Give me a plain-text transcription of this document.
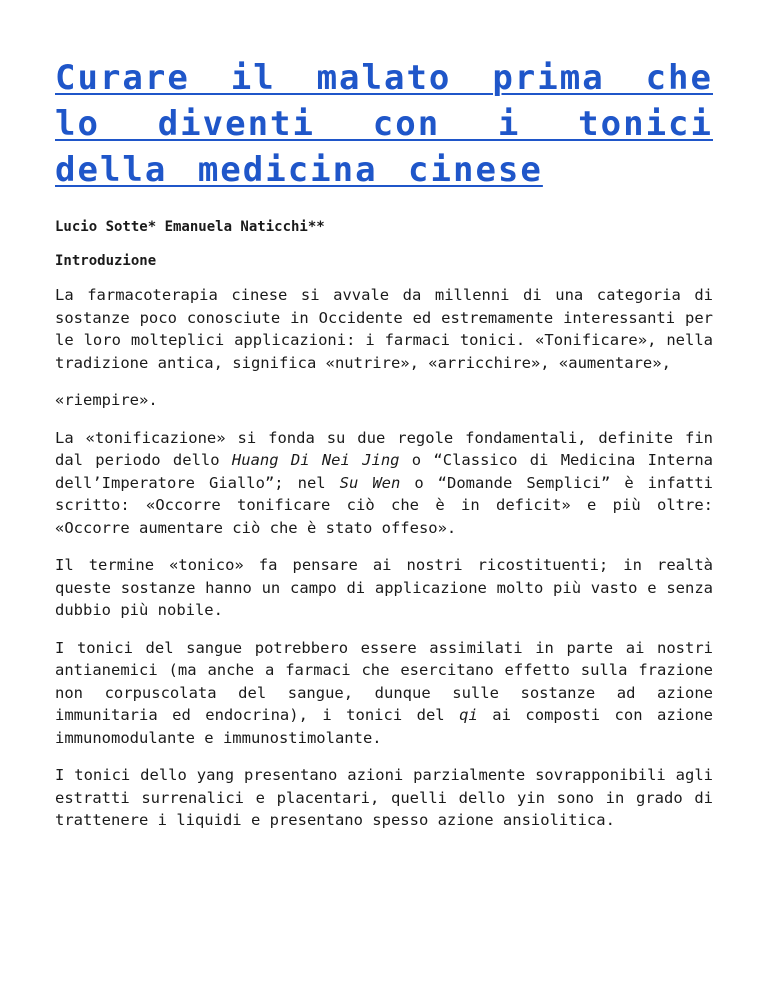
Curare il malato prima che lo diventi con i tonici della medicina cinese

Lucio Sotte* Emanuela Naticchi**

Introduzione

La farmacoterapia cinese si avvale da millenni di una categoria di sostanze poco conosciute in Occidente ed estremamente interessanti per le loro molteplici applicazioni: i farmaci tonici. «Tonificare», nella tradizione antica, significa «nutrire», «arricchire», «aumentare»,

«riempire».

La «tonificazione» si fonda su due regole fondamentali, definite fin dal periodo dello Huang Di Nei Jing o “Classico di Medicina Interna dell’Imperatore Giallo”; nel Su Wen o “Domande Semplici” è infatti scritto: «Occorre tonificare ciò che è in deficit» e più oltre: «Occorre aumentare ciò che è stato offeso».

Il termine «tonico» fa pensare ai nostri ricostituenti; in realtà queste sostanze hanno un campo di applicazione molto più vasto e senza dubbio più nobile.

I tonici del sangue potrebbero essere assimilati in parte ai nostri antianemici (ma anche a farmaci che esercitano effetto sulla frazione non corpuscolata del sangue, dunque sulle sostanze ad azione immunitaria ed endocrina), i tonici del qi ai composti con azione immunomodulante e immunostimolante.

I tonici dello yang presentano azioni parzialmente sovrapponibili agli estratti surrenalici e placentari, quelli dello yin sono in grado di trattenere i liquidi e presentano spesso azione ansiolitica.
